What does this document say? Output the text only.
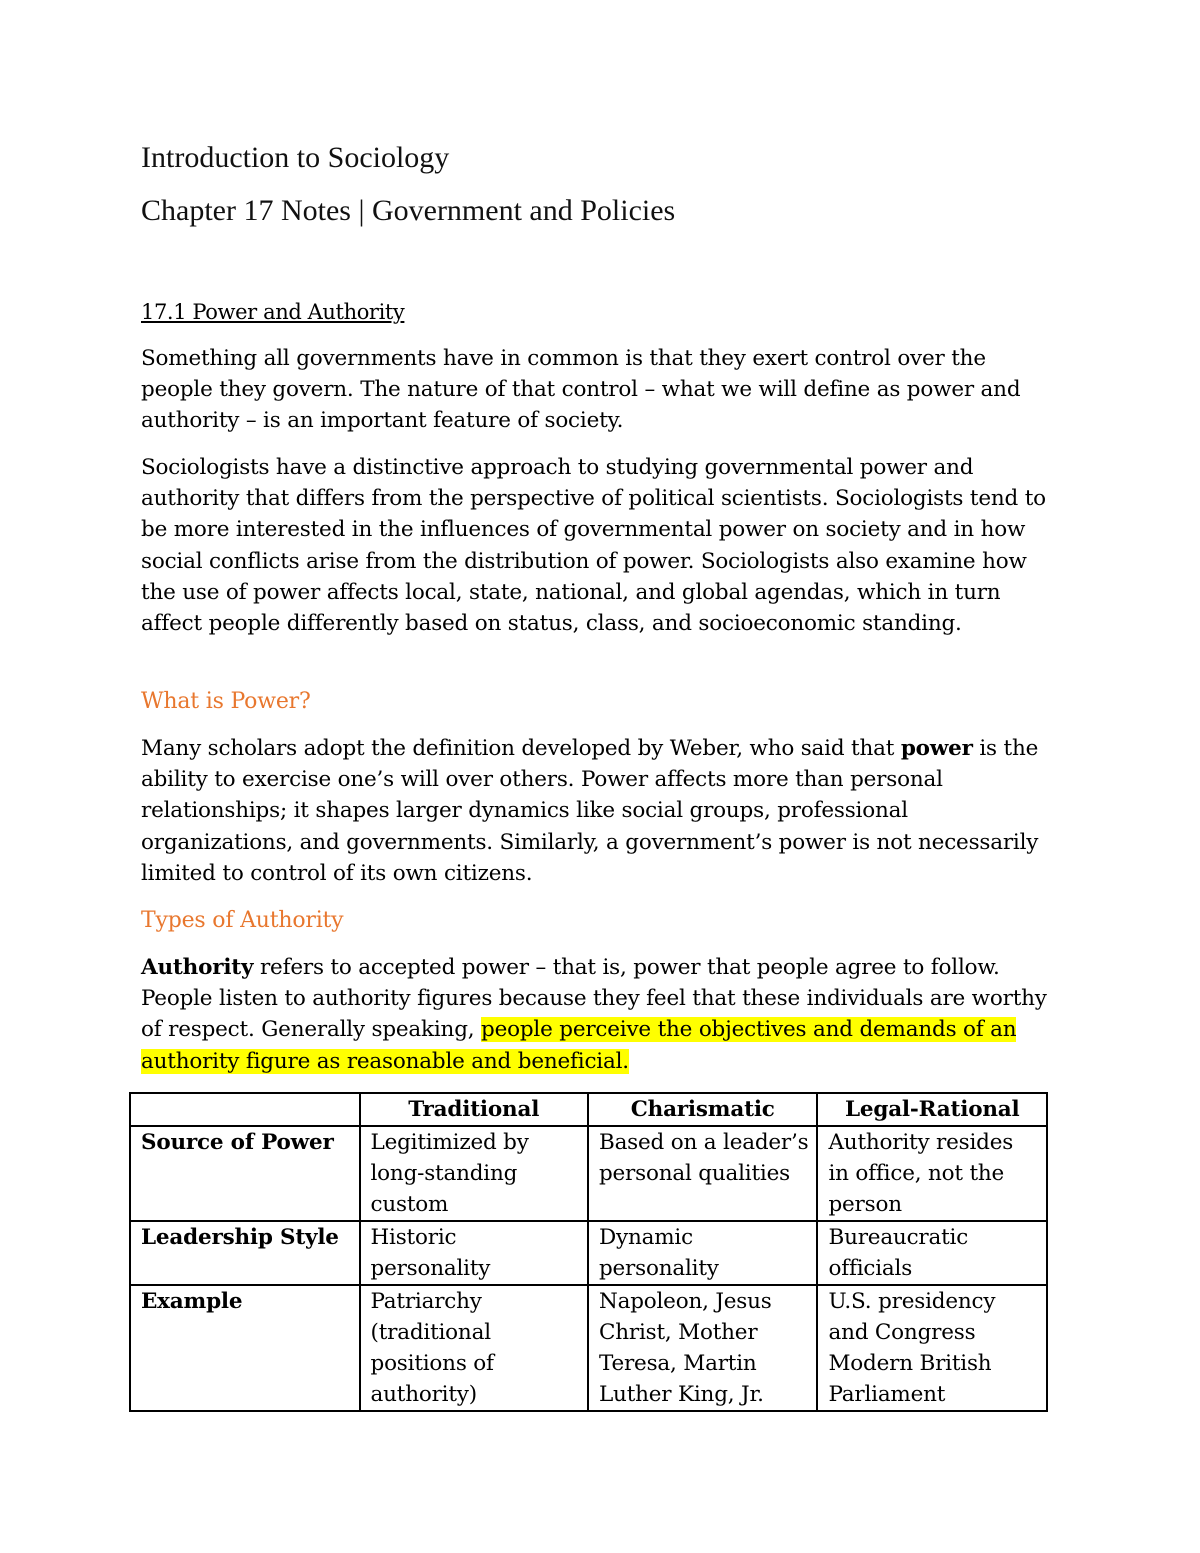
Introduction to Sociology
Chapter 17 Notes | Government and Policies
17.1 Power and Authority
Something all governments have in common is that they exert control over the people they govern. The nature of that control – what we will define as power and authority – is an important feature of society.
Sociologists have a distinctive approach to studying governmental power and authority that differs from the perspective of political scientists. Sociologists tend to be more interested in the influences of governmental power on society and in how social conflicts arise from the distribution of power. Sociologists also examine how the use of power affects local, state, national, and global agendas, which in turn affect people differently based on status, class, and socioeconomic standing.
What is Power?
Many scholars adopt the definition developed by Weber, who said that power is the ability to exercise one’s will over others. Power affects more than personal relationships; it shapes larger dynamics like social groups, professional organizations, and governments. Similarly, a government’s power is not necessarily limited to control of its own citizens.
Types of Authority
Authority refers to accepted power – that is, power that people agree to follow. People listen to authority figures because they feel that these individuals are worthy of respect. Generally speaking, people perceive the objectives and demands of an authority figure as reasonable and beneficial.
	Traditional	Charismatic	Legal-Rational
Source of Power	Legitimized by long-standing custom	Based on a leader’s personal qualities	Authority resides in office, not the person
Leadership Style	Historic personality	Dynamic personality	Bureaucratic officials
Example	Patriarchy (traditional positions of authority)	Napoleon, Jesus Christ, Mother Teresa, Martin Luther King, Jr.	U.S. presidency and Congress Modern British Parliament
